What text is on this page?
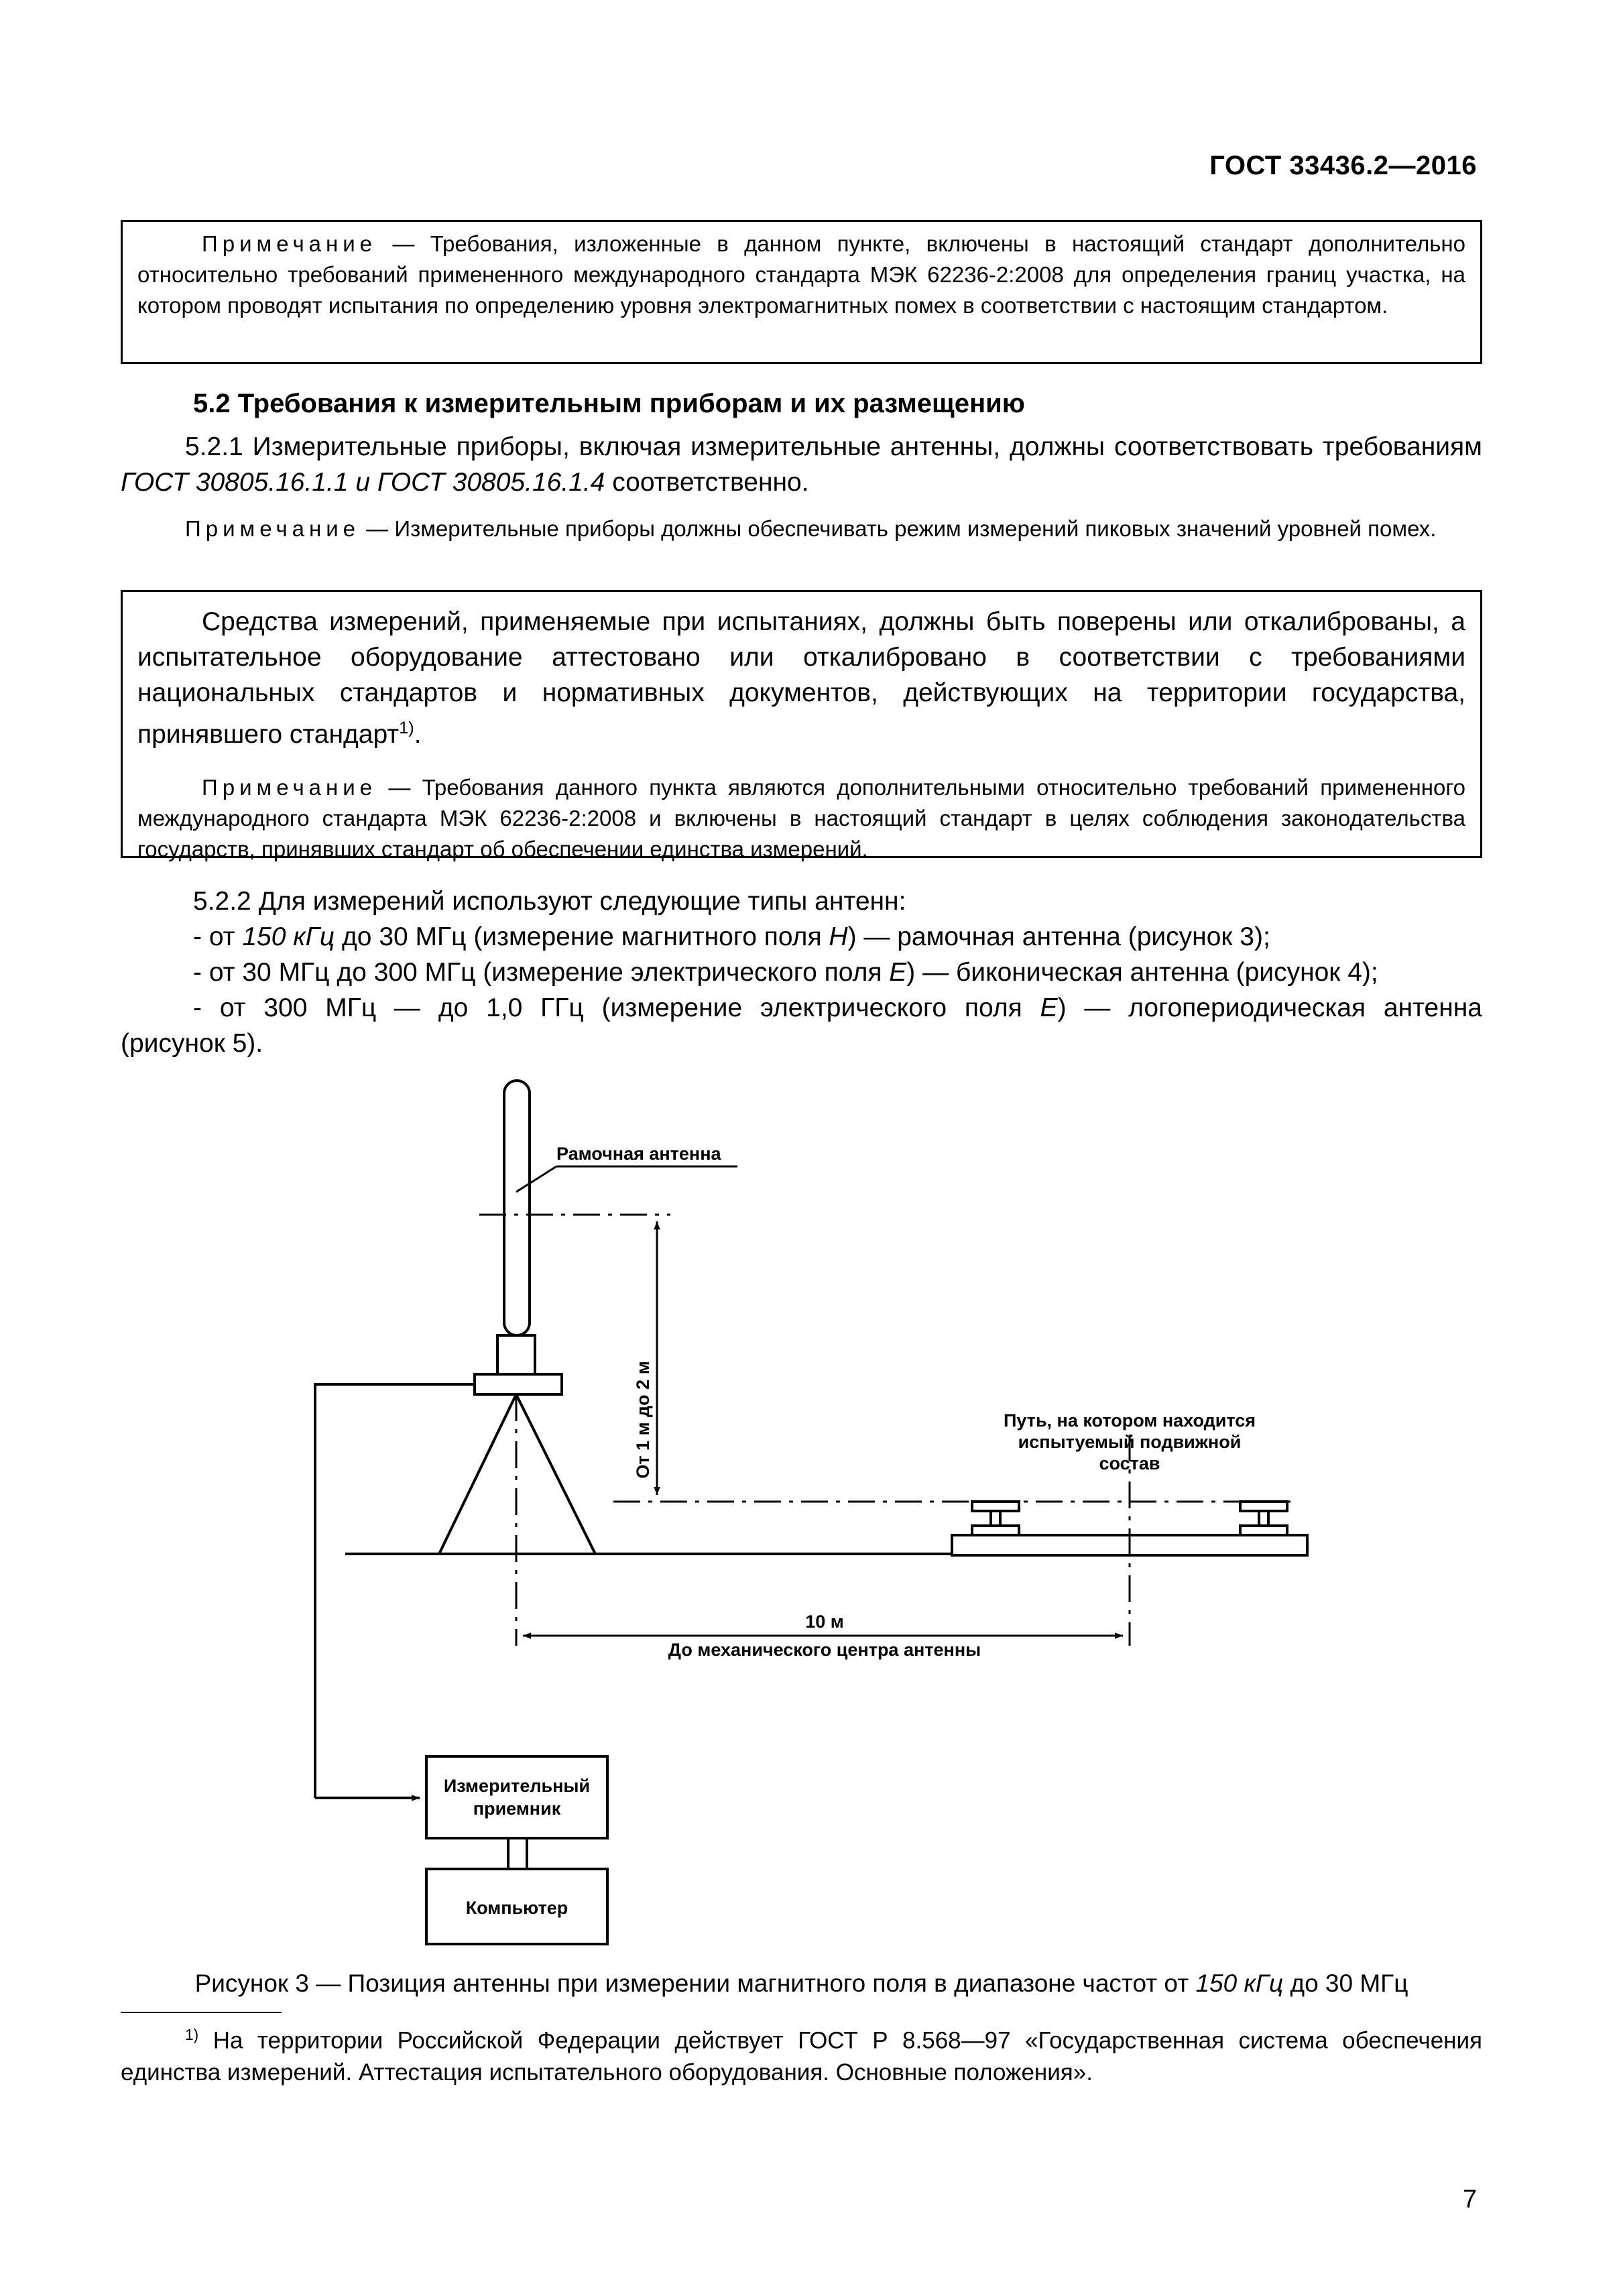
ГОСТ 33436.2—2016

Примечание — Требования, изложенные в данном пункте, включены в настоящий стандарт дополнительно относительно требований примененного международного стандарта МЭК 62236-2:2008 для определения границ участка, на котором проводят испытания по определению уровня электромагнитных помех в соответствии с настоящим стандартом.

5.2 Требования к измерительным приборам и их размещению

5.2.1 Измерительные приборы, включая измерительные антенны, должны соответствовать требованиям ГОСТ 30805.16.1.1 и ГОСТ 30805.16.1.4 соответственно.

Примечание — Измерительные приборы должны обеспечивать режим измерений пиковых значений уровней помех.

Средства измерений, применяемые при испытаниях, должны быть поверены или откалиброваны, а испытательное оборудование аттестовано или откалибровано в соответствии с требованиями национальных стандартов и нормативных документов, действующих на территории государства, принявшего стандарт$^{1)}$.

Примечание — Требования данного пункта являются дополнительными относительно требований примененного международного стандарта МЭК 62236-2:2008 и включены в настоящий стандарт в целях соблюдения законодательства государств, принявших стандарт об обеспечении единства измерений.

5.2.2 Для измерений используют следующие типы антенн:

- от 150 кГц до 30 МГц (измерение магнитного поля H) — рамочная антенна (рисунок 3);

- от 30 МГц до 300 МГц (измерение электрического поля E) — биконическая антенна (рисунок 4);

- от 300 МГц — до 1,0 ГГц (измерение электрического поля E) — логопериодическая антенна

(рисунок 5).

Рамочная антенна
От 1 м до 2 м	Путь, на котором находится
испытуемый подвижной
состав
10 м
До механического центра антенны
Измерительный
приемник
Компьютер
Рисунок 3 — Позиция антенны при измерении магнитного поля в диапазоне частот от 150 кГц до 30 МГц

$^{1)}$ На территории Российской Федерации действует ГОСТ Р 8.568—97 «Государственная система обеспечения единства измерений. Аттестация испытательного оборудования. Основные положения».

7
